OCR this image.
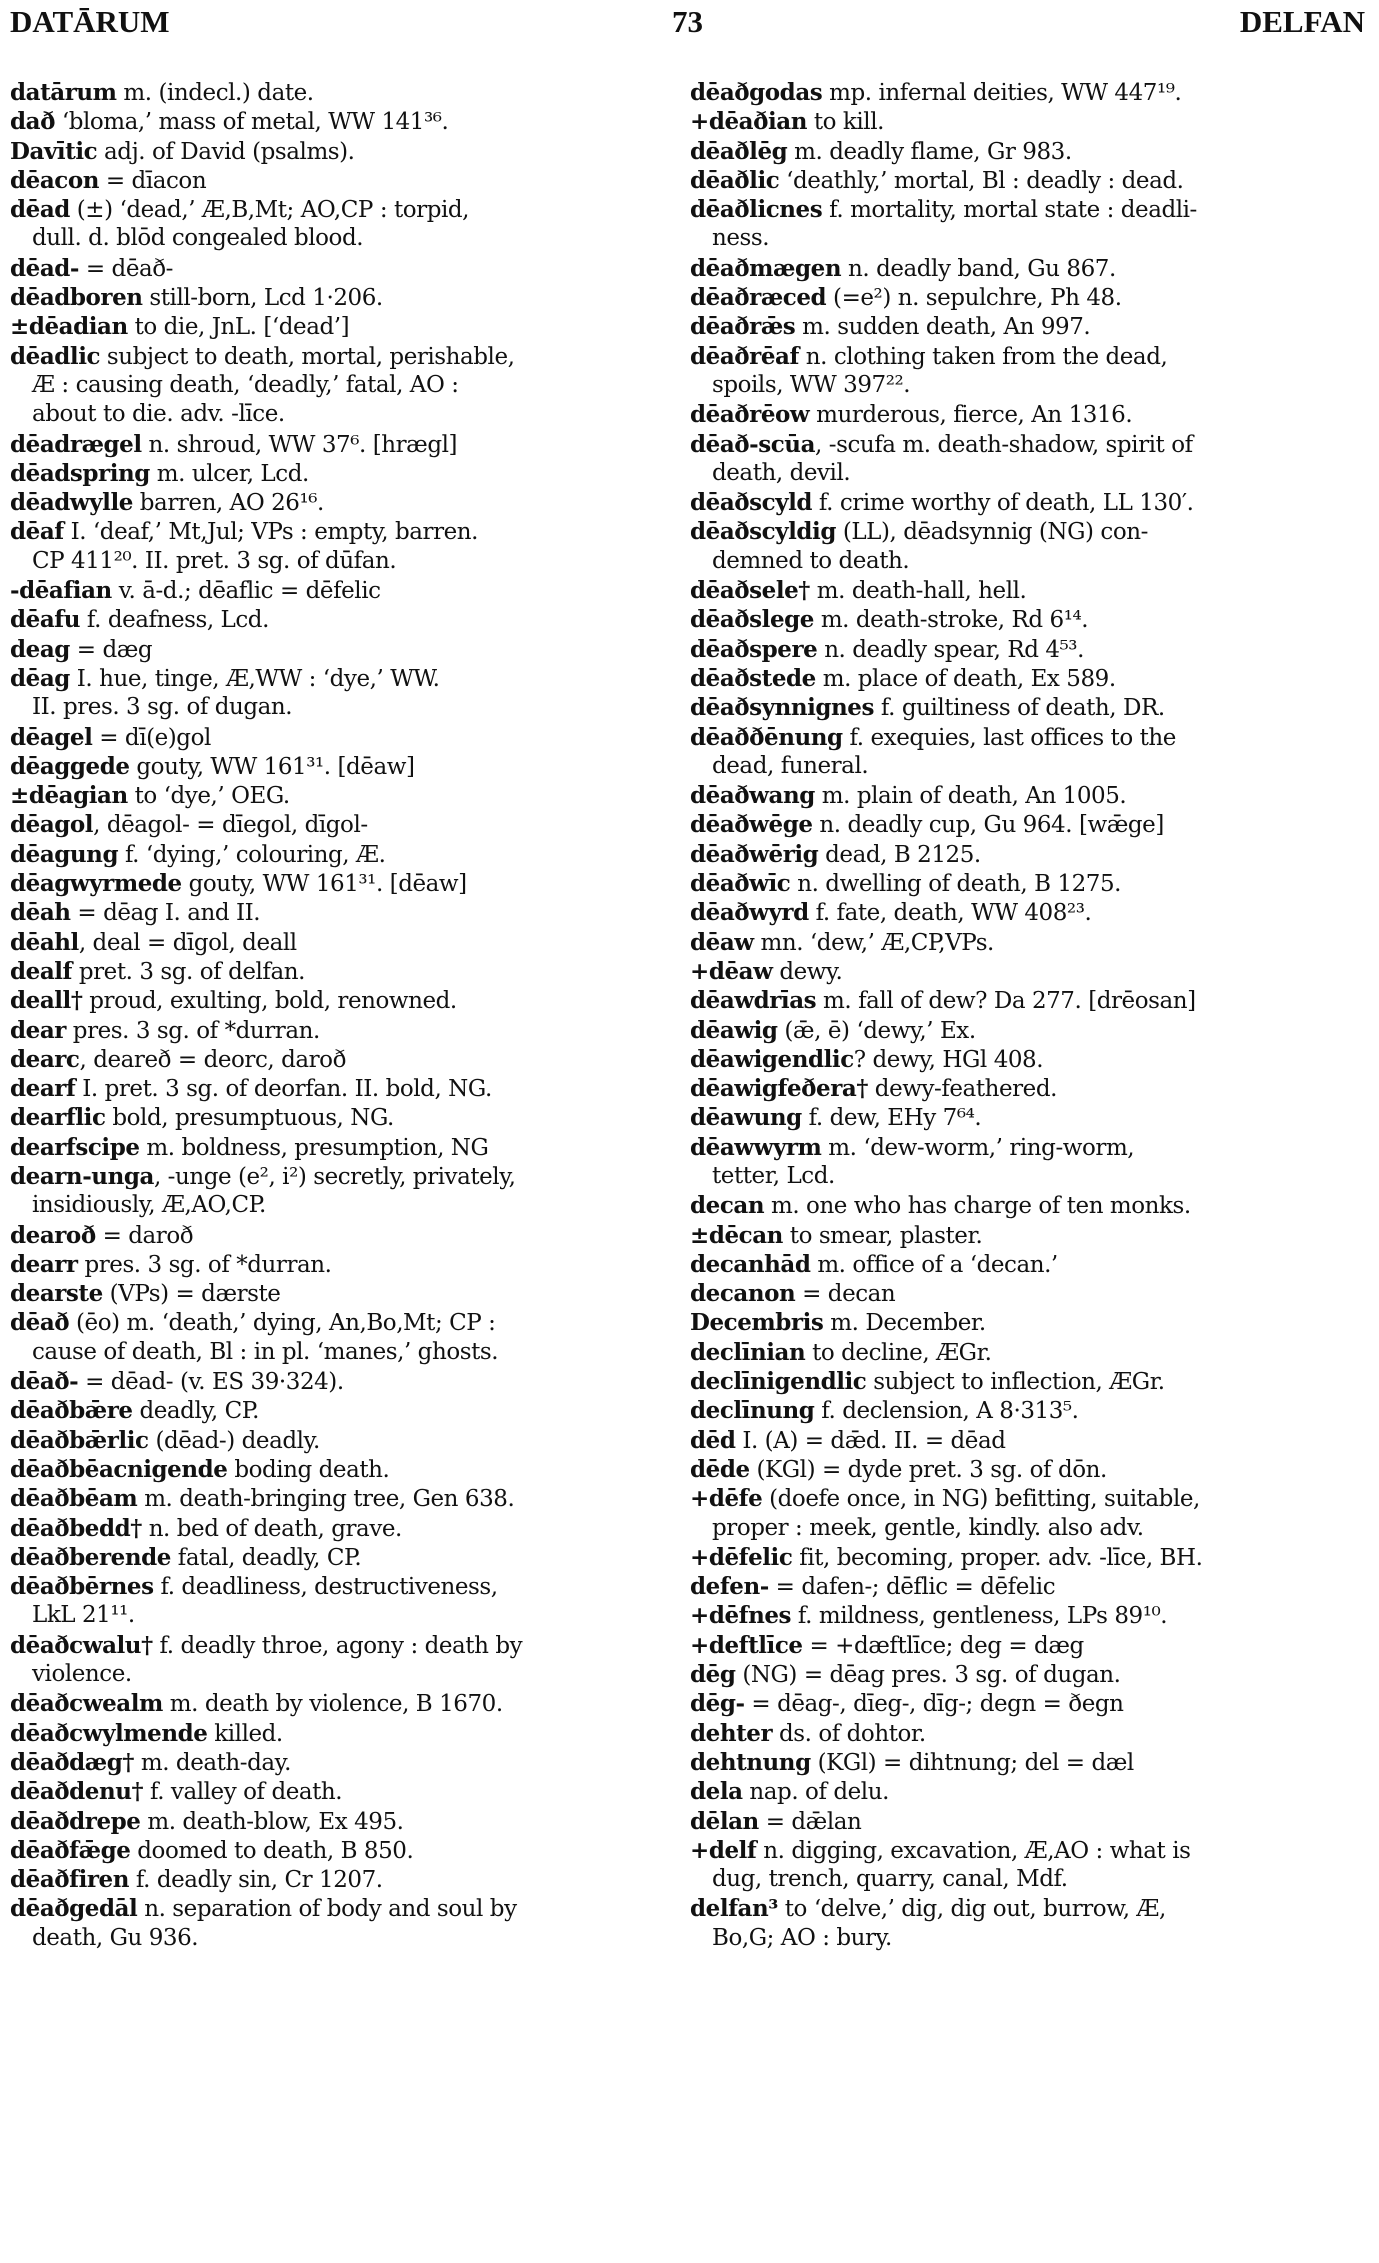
DATĀRUM	73	DELFAN
datārum m. (indecl.) date.
dað ‘bloma,’ mass of metal, WW 141³⁶.
Davītic adj. of David (psalms).
dēacon = dīacon
dēad (±) ‘dead,’ Æ,B,Mt; AO,CP : torpid,
dull. d. blōd congealed blood.
dēad- = dēað-
dēadboren still-born, Lcd 1·206.
±dēadian to die, JnL. [‘dead’]
dēadlic subject to death, mortal, perishable,
Æ : causing death, ‘deadly,’ fatal, AO :
about to die. adv. -līce.
dēadrægel n. shroud, WW 37⁶. [hrægl]
dēadspring m. ulcer, Lcd.
dēadwylle barren, AO 26¹⁶.
dēaf I. ‘deaf,’ Mt,Jul; VPs : empty, barren.
CP 411²⁰. II. pret. 3 sg. of dūfan.
-dēafian v. ā-d.; dēaflic = dēfelic
dēafu f. deafness, Lcd.
deag = dæg
dēag I. hue, tinge, Æ,WW : ‘dye,’ WW.
II. pres. 3 sg. of dugan.
dēagel = dī(e)gol
dēaggede gouty, WW 161³¹. [dēaw]
±dēagian to ‘dye,’ OEG.
dēagol, dēagol- = dīegol, dīgol-
dēagung f. ‘dying,’ colouring, Æ.
dēagwyrmede gouty, WW 161³¹. [dēaw]
dēah = dēag I. and II.
dēahl, deal = dīgol, deall
dealf pret. 3 sg. of delfan.
deall† proud, exulting, bold, renowned.
dear pres. 3 sg. of *durran.
dearc, deareð = deorc, daroð
dearf I. pret. 3 sg. of deorfan. II. bold, NG.
dearflic bold, presumptuous, NG.
dearfscipe m. boldness, presumption, NG
dearn-unga, -unge (e², i²) secretly, privately,
insidiously, Æ,AO,CP.
dearoð = daroð
dearr pres. 3 sg. of *durran.
dearste (VPs) = dærste
dēað (ēo) m. ‘death,’ dying, An,Bo,Mt; CP :
cause of death, Bl : in pl. ‘manes,’ ghosts.
dēað- = dēad- (v. ES 39·324).
dēaðbǣre deadly, CP.
dēaðbǣrlic (dēad-) deadly.
dēaðbēacnigende boding death.
dēaðbēam m. death-bringing tree, Gen 638.
dēaðbedd† n. bed of death, grave.
dēaðberende fatal, deadly, CP.
dēaðbērnes f. deadliness, destructiveness,
LkL 21¹¹.
dēaðcwalu† f. deadly throe, agony : death by
violence.
dēaðcwealm m. death by violence, B 1670.
dēaðcwylmende killed.
dēaðdæg† m. death-day.
dēaðdenu† f. valley of death.
dēaðdrepe m. death-blow, Ex 495.
dēaðfǣge doomed to death, B 850.
dēaðfiren f. deadly sin, Cr 1207.
dēaðgedāl n. separation of body and soul by
death, Gu 936.
dēaðgodas mp. infernal deities, WW 447¹⁹.
+dēaðian to kill.
dēaðlēg m. deadly flame, Gr 983.
dēaðlic ‘deathly,’ mortal, Bl : deadly : dead.
dēaðlicnes f. mortality, mortal state : deadli-
ness.
dēaðmægen n. deadly band, Gu 867.
dēaðræced (=e²) n. sepulchre, Ph 48.
dēaðrǣs m. sudden death, An 997.
dēaðrēaf n. clothing taken from the dead,
spoils, WW 397²².
dēaðrēow murderous, fierce, An 1316.
dēað-scūa, -scufa m. death-shadow, spirit of
death, devil.
dēaðscyld f. crime worthy of death, LL 130′.
dēaðscyldig (LL), dēadsynnig (NG) con-
demned to death.
dēaðsele† m. death-hall, hell.
dēaðslege m. death-stroke, Rd 6¹⁴.
dēaðspere n. deadly spear, Rd 4⁵³.
dēaðstede m. place of death, Ex 589.
dēaðsynnignes f. guiltiness of death, DR.
dēaððēnung f. exequies, last offices to the
dead, funeral.
dēaðwang m. plain of death, An 1005.
dēaðwēge n. deadly cup, Gu 964. [wǣge]
dēaðwērig dead, B 2125.
dēaðwīc n. dwelling of death, B 1275.
dēaðwyrd f. fate, death, WW 408²³.
dēaw mn. ‘dew,’ Æ,CP,VPs.
+dēaw dewy.
dēawdrīas m. fall of dew? Da 277. [drēosan]
dēawig (ǣ, ē) ‘dewy,’ Ex.
dēawigendlic? dewy, HGl 408.
dēawigfeðera† dewy-feathered.
dēawung f. dew, EHy 7⁶⁴.
dēawwyrm m. ‘dew-worm,’ ring-worm,
tetter, Lcd.
decan m. one who has charge of ten monks.
±dēcan to smear, plaster.
decanhād m. office of a ‘decan.’
decanon = decan
Decembris m. December.
declīnian to decline, ÆGr.
declīnigendlic subject to inflection, ÆGr.
declīnung f. declension, A 8·313⁵.
dēd I. (A) = dǣd. II. = dēad
dēde (KGl) = dyde pret. 3 sg. of dōn.
+dēfe (doefe once, in NG) befitting, suitable,
proper : meek, gentle, kindly. also adv.
+dēfelic fit, becoming, proper. adv. -līce, BH.
defen- = dafen-; dēflic = dēfelic
+dēfnes f. mildness, gentleness, LPs 89¹⁰.
+deftlīce = +dæftlīce; deg = dæg
dēg (NG) = dēag pres. 3 sg. of dugan.
dēg- = dēag-, dīeg-, dīg-; degn = ðegn
dehter ds. of dohtor.
dehtnung (KGl) = dihtnung; del = dæl
dela nap. of delu.
dēlan = dǣlan
+delf n. digging, excavation, Æ,AO : what is
dug, trench, quarry, canal, Mdf.
delfan³ to ‘delve,’ dig, dig out, burrow, Æ,
Bo,G; AO : bury.
